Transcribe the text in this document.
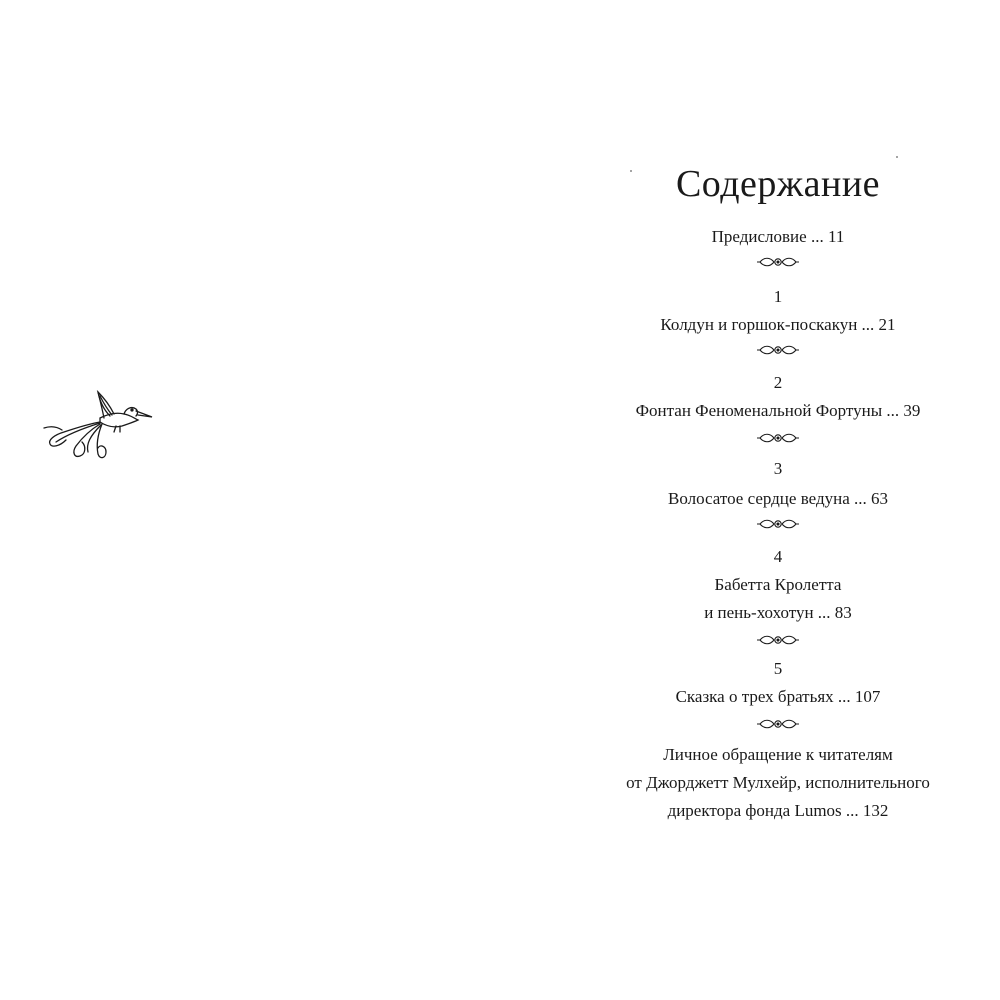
Содержание
Предисловие ... 11
1
Колдун и горшок-поскакун ... 21
2
Фонтан Феноменальной Фортуны ... 39
3
Волосатое сердце ведуна ... 63
4
Бабетта Кролетта
и пень-хохотун ... 83
5
Сказка о трех братьях ... 107
Личное обращение к читателям
от Джорджетт Мулхейр, исполнительного
директора фонда Lumos ... 132
